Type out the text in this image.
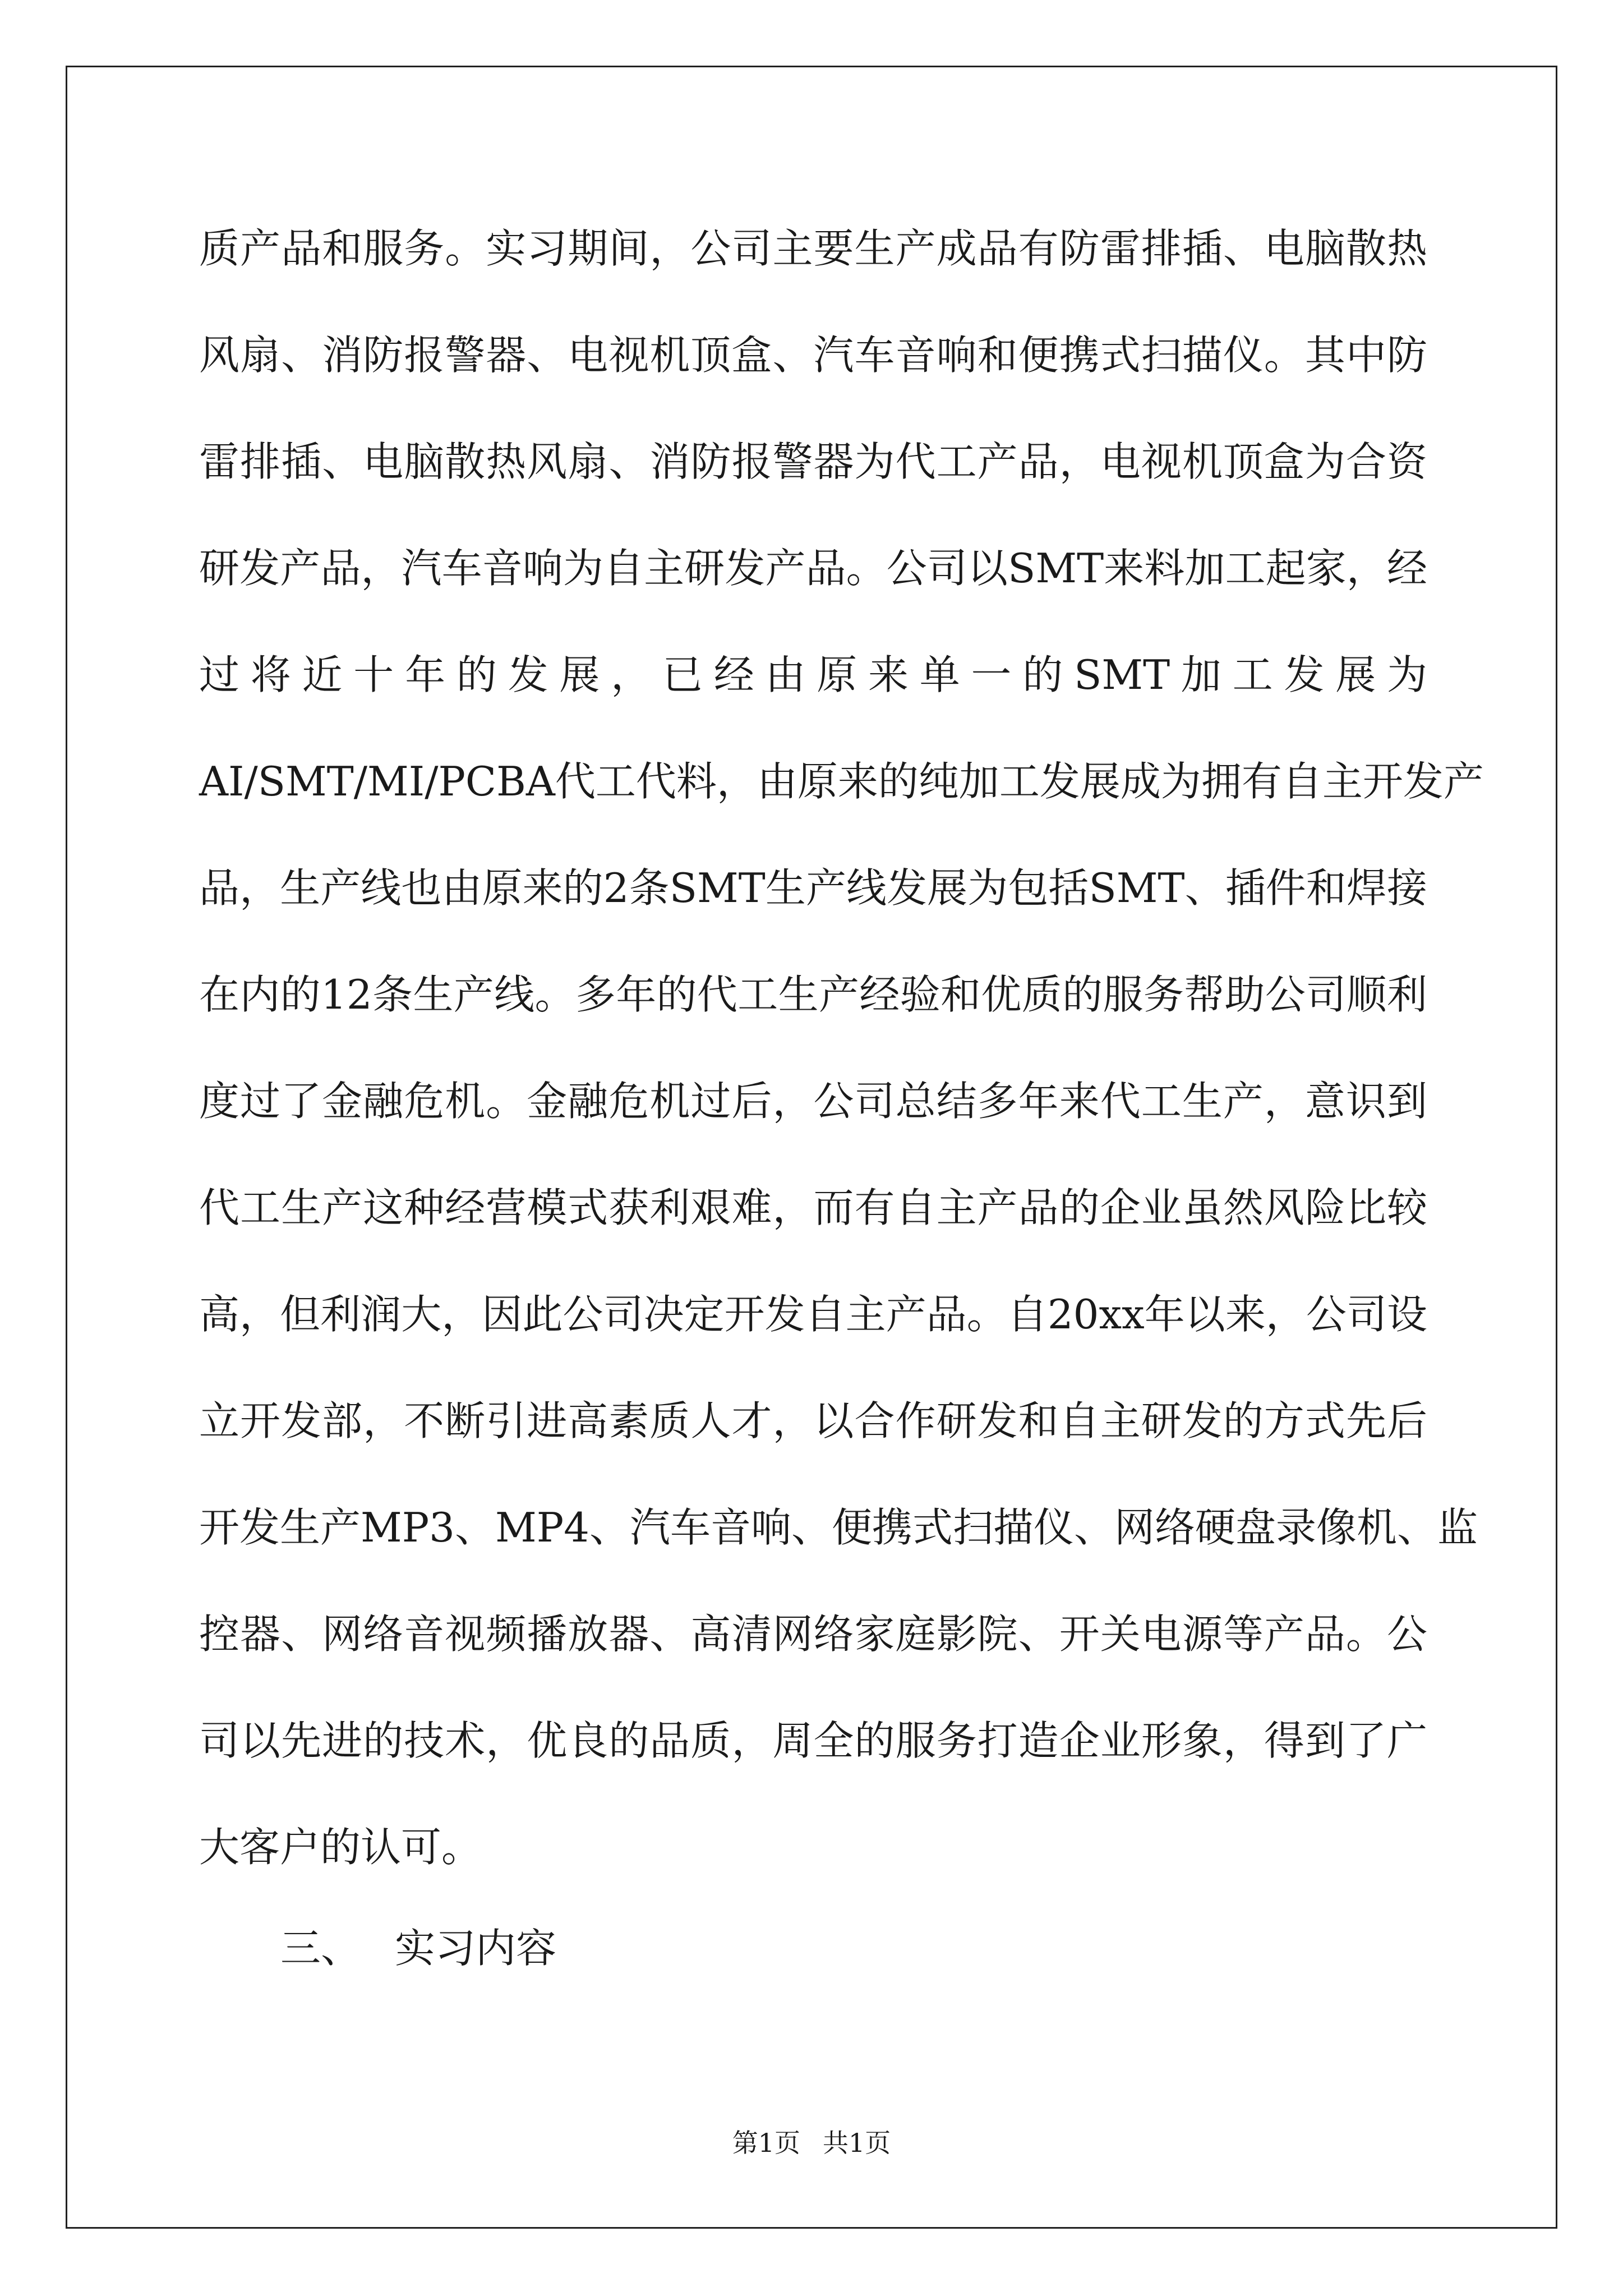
质产品和服务。实习期间，公司主要生产成品有防雷排插、电脑散热
风扇、消防报警器、电视机顶盒、汽车音响和便携式扫描仪。其中防
雷排插、电脑散热风扇、消防报警器为代工产品，电视机顶盒为合资
研发产品，汽车音响为自主研发产品。公司以SMT来料加工起家，经
过将近十年的发展，已经由原来单一的SMT加工发展为
AI/SMT/MI/PCBA代工代料，由原来的纯加工发展成为拥有自主开发产
品，生产线也由原来的2条SMT生产线发展为包括SMT、插件和焊接
在内的12条生产线。多年的代工生产经验和优质的服务帮助公司顺利
度过了金融危机。金融危机过后，公司总结多年来代工生产，意识到
代工生产这种经营模式获利艰难，而有自主产品的企业虽然风险比较
高，但利润大，因此公司决定开发自主产品。自20xx年以来，公司设
立开发部，不断引进高素质人才，以合作研发和自主研发的方式先后
开发生产MP3、MP4、汽车音响、便携式扫描仪、网络硬盘录像机、监
控器、网络音视频播放器、高清网络家庭影院、开关电源等产品。公
司以先进的技术，优良的品质，周全的服务打造企业形象，得到了广
大客户的认可。
三、 实习内容
第1页 共1页
